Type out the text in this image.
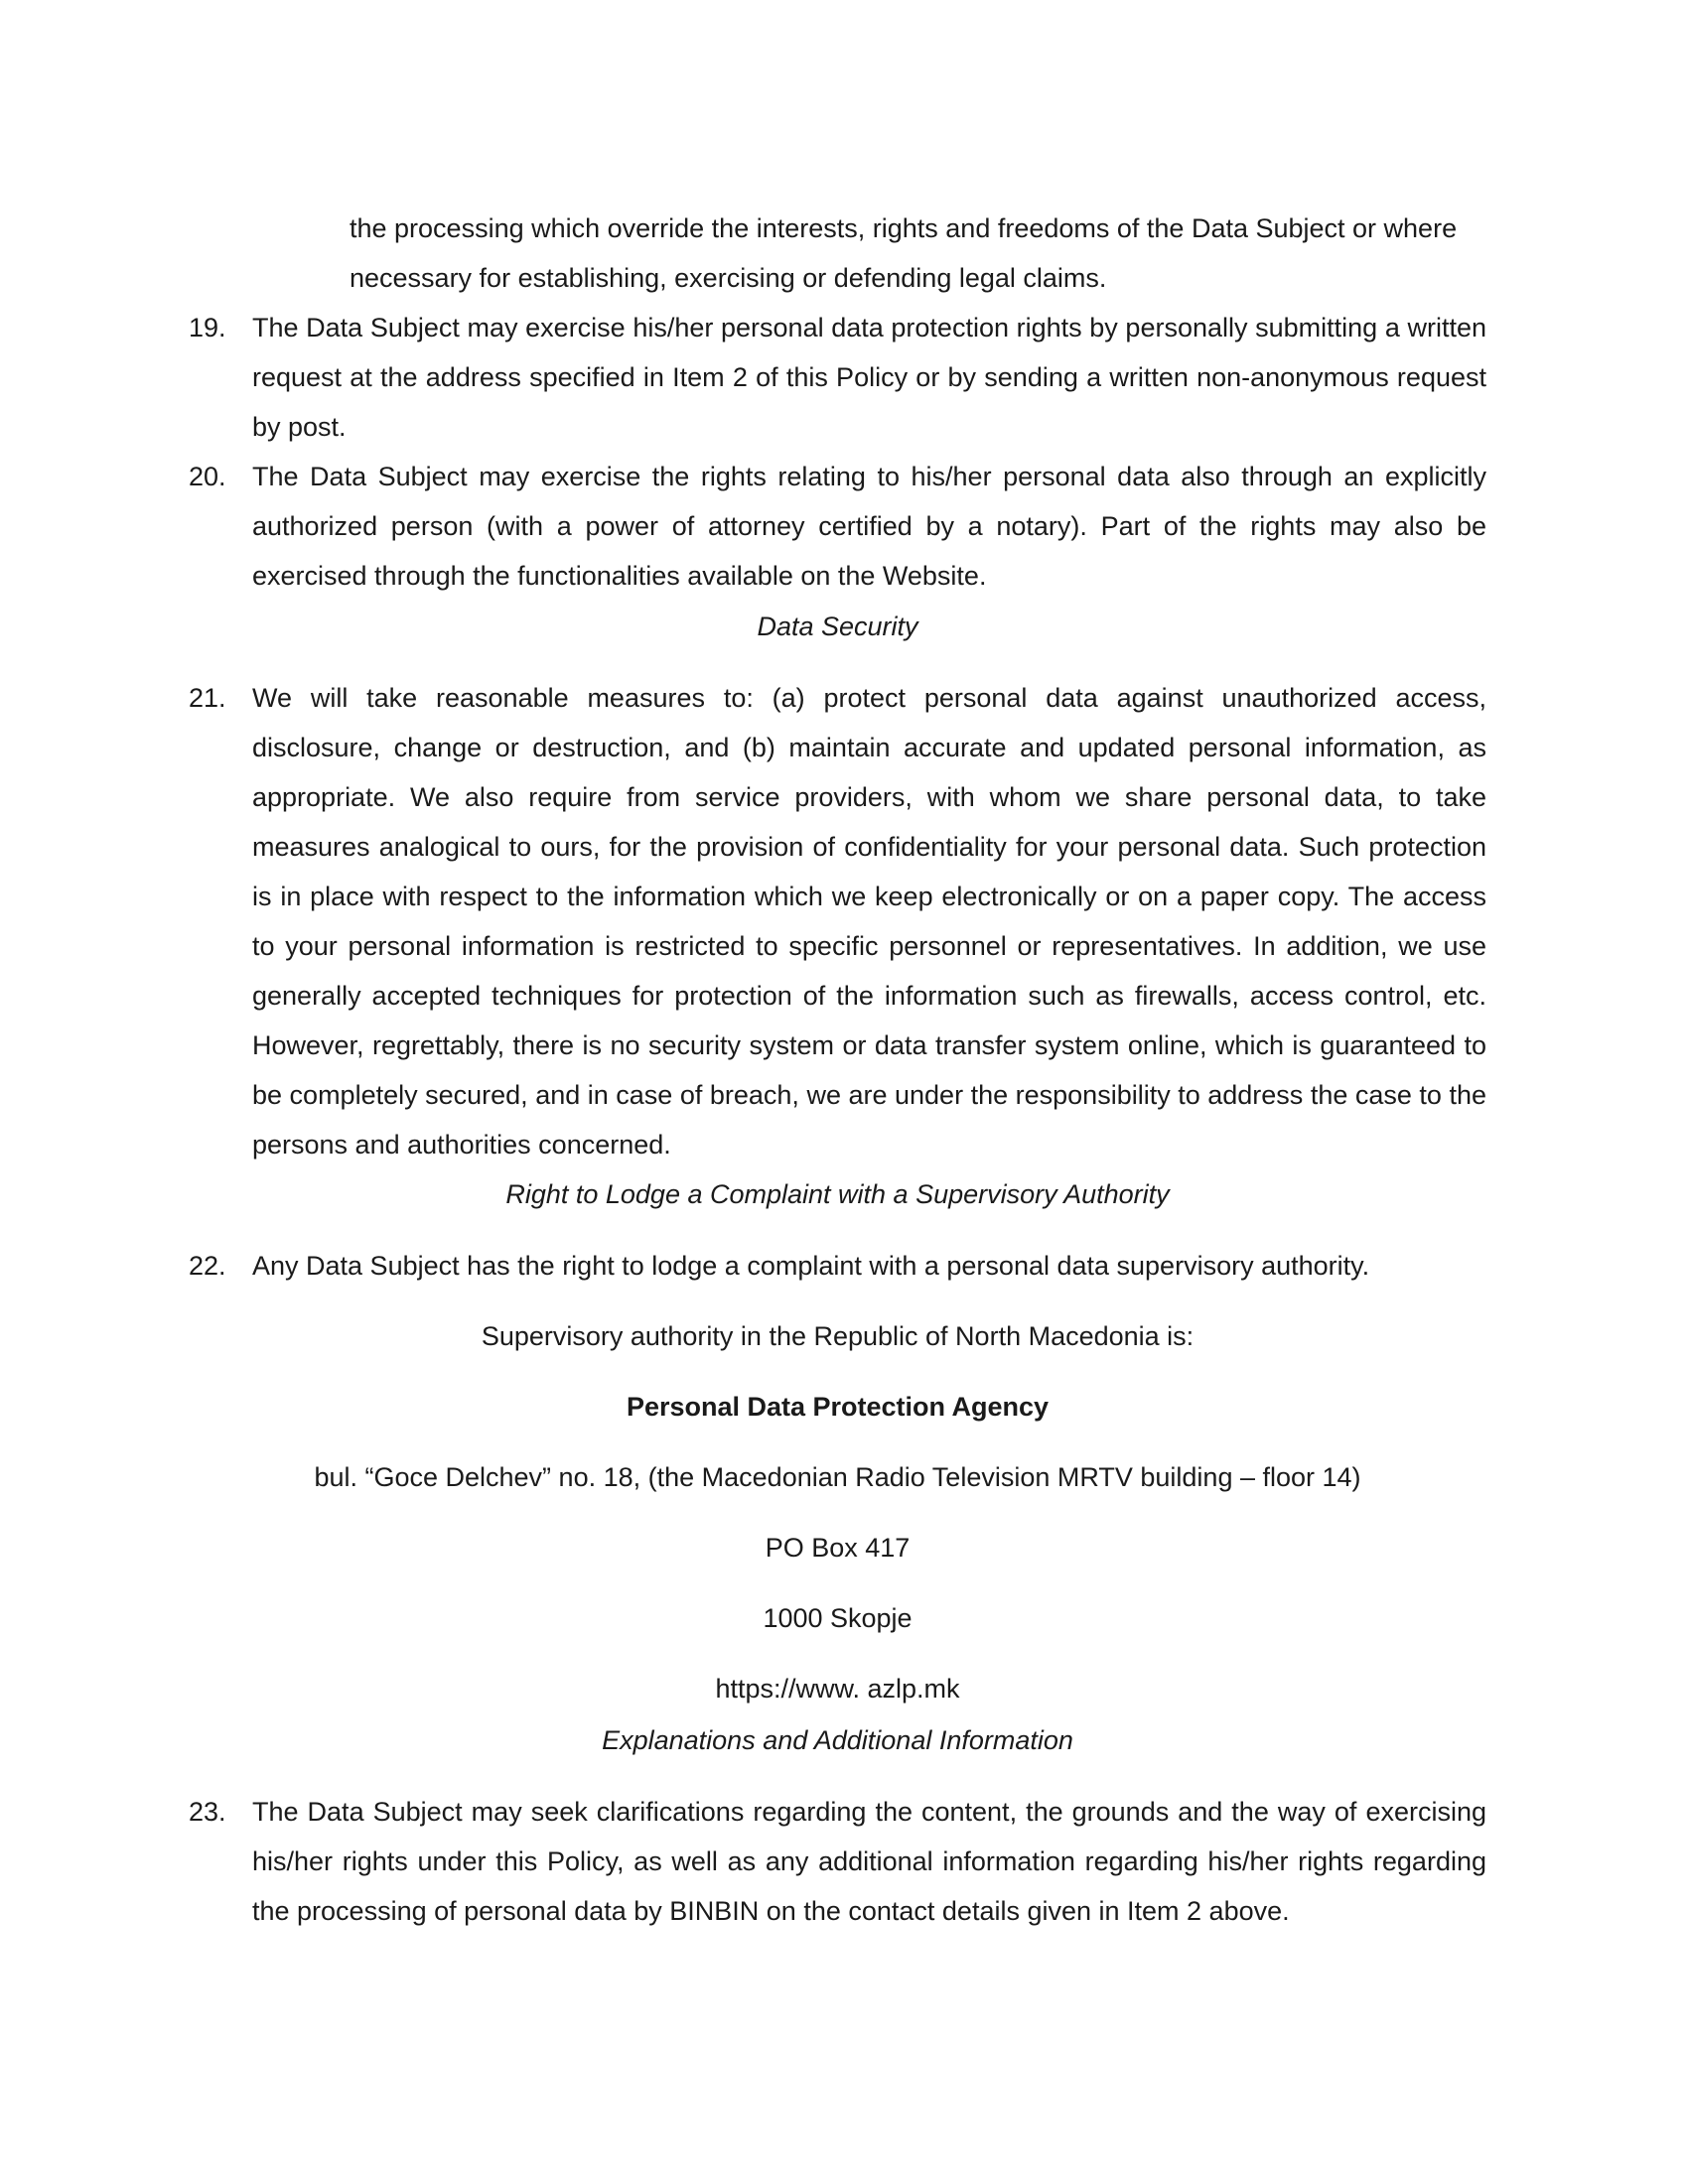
the processing which override the interests, rights and freedoms of the Data Subject or where necessary for establishing, exercising or defending legal claims.
19. The Data Subject may exercise his/her personal data protection rights by personally submitting a written request at the address specified in Item 2 of this Policy or by sending a written non-anonymous request by post.
20. The Data Subject may exercise the rights relating to his/her personal data also through an explicitly authorized person (with a power of attorney certified by a notary). Part of the rights may also be exercised through the functionalities available on the Website.
Data Security
21. We will take reasonable measures to: (a) protect personal data against unauthorized access, disclosure, change or destruction, and (b) maintain accurate and updated personal information, as appropriate. We also require from service providers, with whom we share personal data, to take measures analogical to ours, for the provision of confidentiality for your personal data. Such protection is in place with respect to the information which we keep electronically or on a paper copy. The access to your personal information is restricted to specific personnel or representatives. In addition, we use generally accepted techniques for protection of the information such as firewalls, access control, etc. However, regrettably, there is no security system or data transfer system online, which is guaranteed to be completely secured, and in case of breach, we are under the responsibility to address the case to the persons and authorities concerned.
Right to Lodge a Complaint with a Supervisory Authority
22. Any Data Subject has the right to lodge a complaint with a personal data supervisory authority.
Supervisory authority in the Republic of North Macedonia is:
Personal Data Protection Agency
bul. “Goce Delchev” no. 18, (the Macedonian Radio Television MRTV building – floor 14)
PO Box 417
1000 Skopje
https://www. azlp.mk
Explanations and Additional Information
23. The Data Subject may seek clarifications regarding the content, the grounds and the way of exercising his/her rights under this Policy, as well as any additional information regarding his/her rights regarding the processing of personal data by BINBIN on the contact details given in Item 2 above.
